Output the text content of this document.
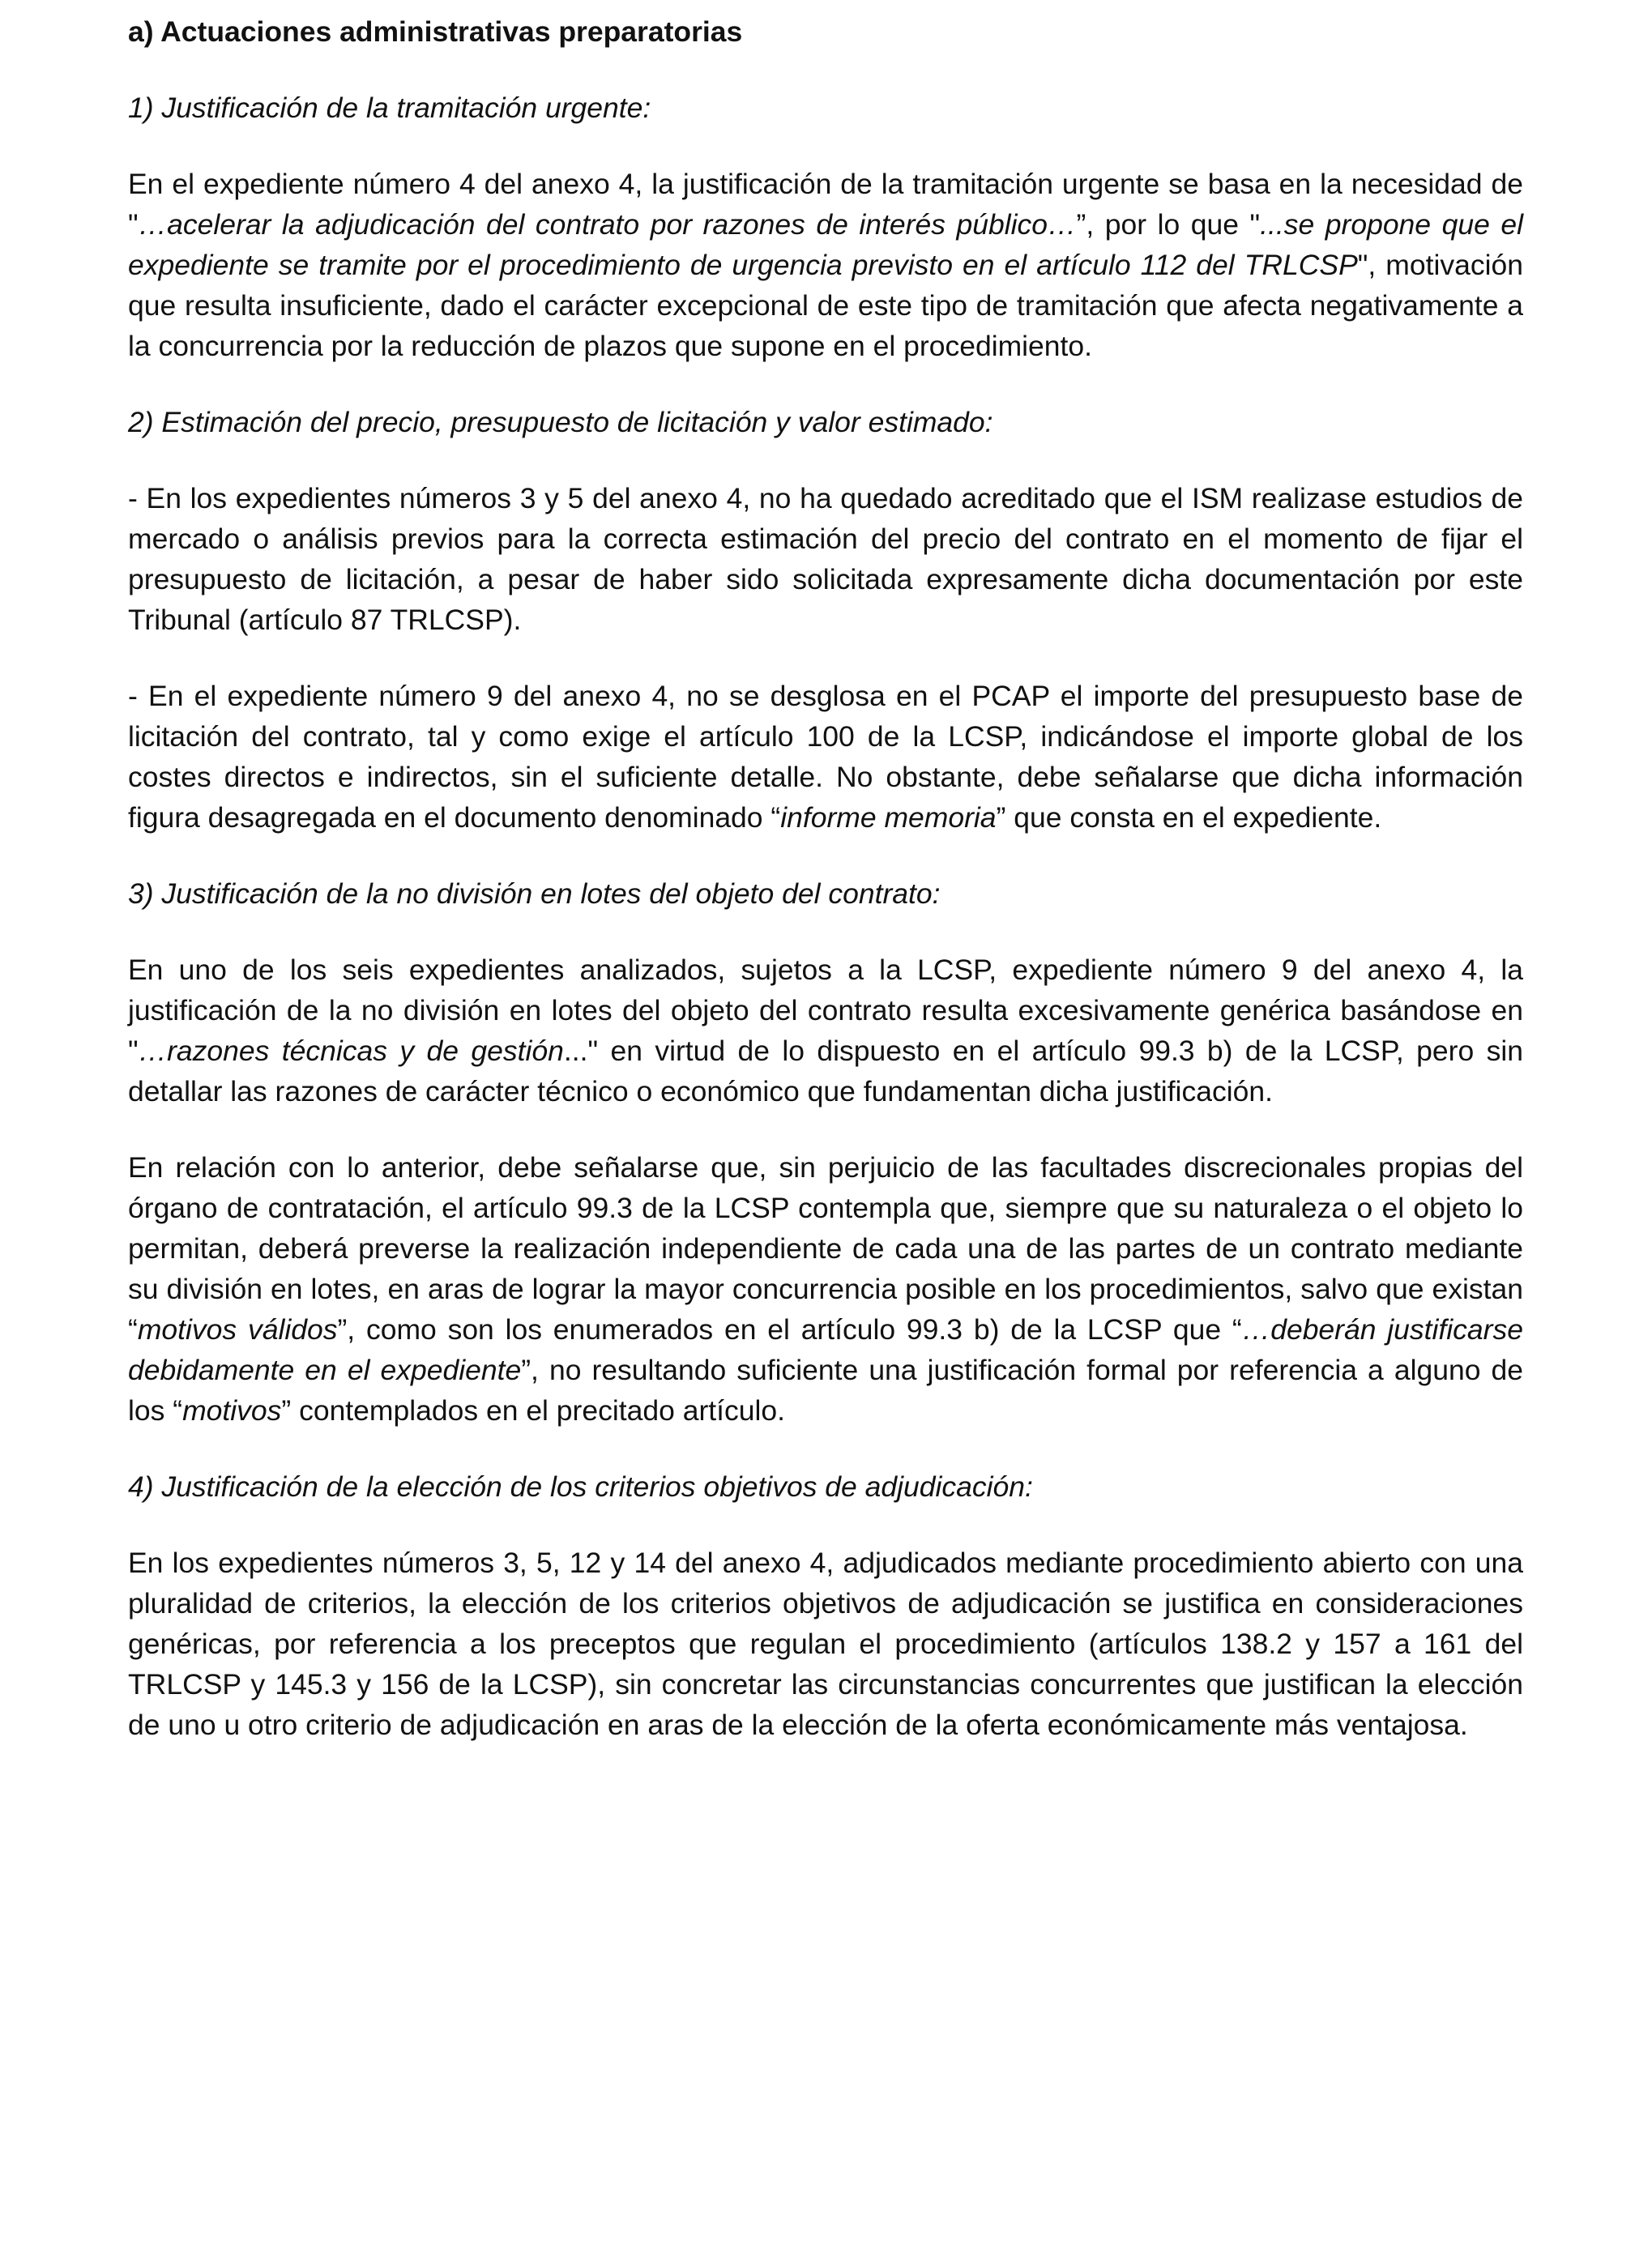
a) Actuaciones administrativas preparatorias
1) Justificación de la tramitación urgente:
En el expediente número 4 del anexo 4, la justificación de la tramitación urgente se basa en la necesidad de "…acelerar la adjudicación del contrato por razones de interés público…”, por lo que "...se propone que el expediente se tramite por el procedimiento de urgencia previsto en el artículo 112 del TRLCSP", motivación que resulta insuficiente, dado el carácter excepcional de este tipo de tramitación que afecta negativamente a la concurrencia por la reducción de plazos que supone en el procedimiento.
2) Estimación del precio, presupuesto de licitación y valor estimado:
- En los expedientes números 3 y 5 del anexo 4, no ha quedado acreditado que el ISM realizase estudios de mercado o análisis previos para la correcta estimación del precio del contrato en el momento de fijar el presupuesto de licitación, a pesar de haber sido solicitada expresamente dicha documentación por este Tribunal (artículo 87 TRLCSP).
- En el expediente número 9 del anexo 4, no se desglosa en el PCAP el importe del presupuesto base de licitación del contrato, tal y como exige el artículo 100 de la LCSP, indicándose el importe global de los costes directos e indirectos, sin el suficiente detalle. No obstante, debe señalarse que dicha información figura desagregada en el documento denominado “informe memoria” que consta en el expediente.
3) Justificación de la no división en lotes del objeto del contrato:
En uno de los seis expedientes analizados, sujetos a la LCSP, expediente número 9 del anexo 4, la justificación de la no división en lotes del objeto del contrato resulta excesivamente genérica basándose en "…razones técnicas y de gestión..." en virtud de lo dispuesto en el artículo 99.3 b) de la LCSP, pero sin detallar las razones de carácter técnico o económico que fundamentan dicha justificación.
En relación con lo anterior, debe señalarse que, sin perjuicio de las facultades discrecionales propias del órgano de contratación, el artículo 99.3 de la LCSP contempla que, siempre que su naturaleza o el objeto lo permitan, deberá preverse la realización independiente de cada una de las partes de un contrato mediante su división en lotes, en aras de lograr la mayor concurrencia posible en los procedimientos, salvo que existan “motivos válidos”, como son los enumerados en el artículo 99.3 b) de la LCSP que “…deberán justificarse debidamente en el expediente”, no resultando suficiente una justificación formal por referencia a alguno de los “motivos” contemplados en el precitado artículo.
4) Justificación de la elección de los criterios objetivos de adjudicación:
En los expedientes números 3, 5, 12 y 14 del anexo 4, adjudicados mediante procedimiento abierto con una pluralidad de criterios, la elección de los criterios objetivos de adjudicación se justifica en consideraciones genéricas, por referencia a los preceptos que regulan el procedimiento (artículos 138.2 y 157 a 161 del TRLCSP y 145.3 y 156 de la LCSP), sin concretar las circunstancias concurrentes que justifican la elección de uno u otro criterio de adjudicación en aras de la elección de la oferta económicamente más ventajosa.
